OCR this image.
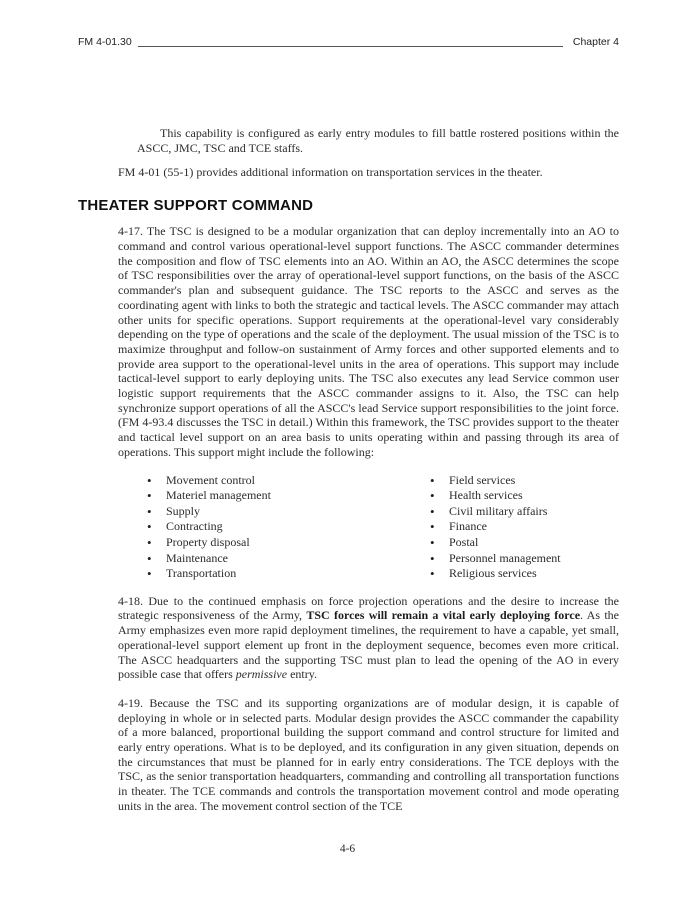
FM 4-01.30	Chapter 4

This capability is configured as early entry modules to fill battle rostered positions within the ASCC, JMC, TSC and TCE staffs.

FM 4-01 (55-1) provides additional information on transportation services in the theater.

THEATER SUPPORT COMMAND

4-17. The TSC is designed to be a modular organization that can deploy incrementally into an AO to command and control various operational-level support functions. The ASCC commander determines the composition and flow of TSC elements into an AO. Within an AO, the ASCC determines the scope of TSC responsibilities over the array of operational-level support functions, on the basis of the ASCC commander's plan and subsequent guidance. The TSC reports to the ASCC and serves as the coordinating agent with links to both the strategic and tactical levels. The ASCC commander may attach other units for specific operations. Support requirements at the operational-level vary considerably depending on the type of operations and the scale of the deployment. The usual mission of the TSC is to maximize throughput and follow-on sustainment of Army forces and other supported elements and to provide area support to the operational-level units in the area of operations. This support may include tactical-level support to early deploying units. The TSC also executes any lead Service common user logistic support requirements that the ASCC commander assigns to it. Also, the TSC can help synchronize support operations of all the ASCC's lead Service support responsibilities to the joint force. (FM 4-93.4 discusses the TSC in detail.) Within this framework, the TSC provides support to the theater and tactical level support on an area basis to units operating within and passing through its area of operations. This support might include the following:

• Movement control
• Materiel management
• Supply
• Contracting
• Property disposal
• Maintenance
• Transportation
• Field services
• Health services
• Civil military affairs
• Finance
• Postal
• Personnel management
• Religious services

4-18. Due to the continued emphasis on force projection operations and the desire to increase the strategic responsiveness of the Army, TSC forces will remain a vital early deploying force. As the Army emphasizes even more rapid deployment timelines, the requirement to have a capable, yet small, operational-level support element up front in the deployment sequence, becomes even more critical. The ASCC headquarters and the supporting TSC must plan to lead the opening of the AO in every possible case that offers permissive entry.

4-19. Because the TSC and its supporting organizations are of modular design, it is capable of deploying in whole or in selected parts. Modular design provides the ASCC commander the capability of a more balanced, proportional building the support command and control structure for limited and early entry operations. What is to be deployed, and its configuration in any given situation, depends on the circumstances that must be planned for in early entry considerations. The TCE deploys with the TSC, as the senior transportation headquarters, commanding and controlling all transportation functions in theater. The TCE commands and controls the transportation movement control and mode operating units in the area. The movement control section of the TCE

4-6
